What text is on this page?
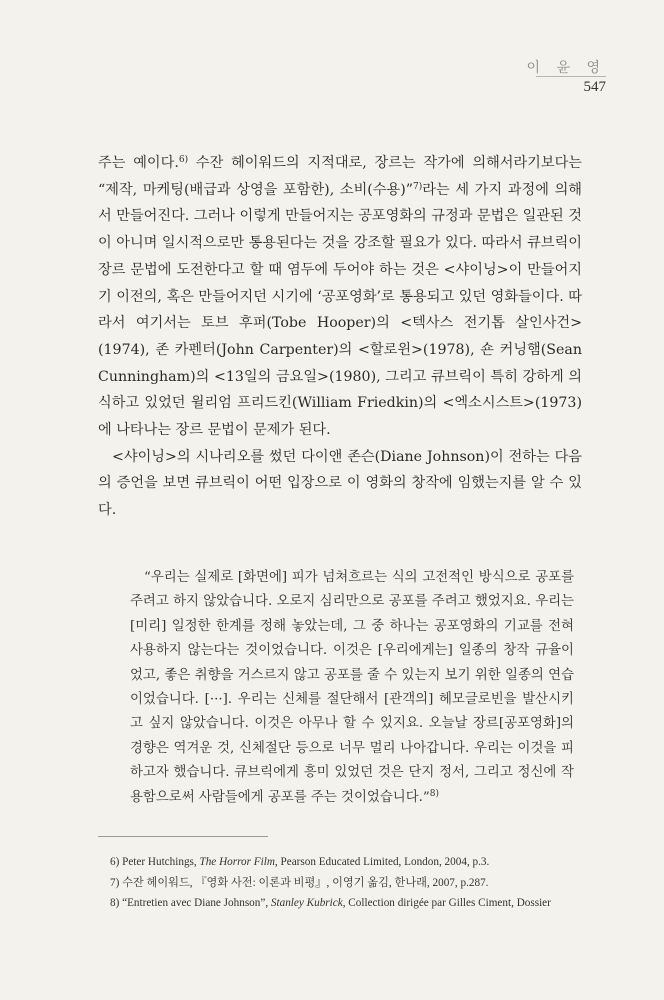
이 윤 영
547

주는 예이다.$^{6)}$ 수잔 헤이워드의 지적대로, 장르는 작가에 의해서라기보다는 “제작, 마케팅(배급과 상영을 포함한), 소비(수용)”$^{7)}$라는 세 가지 과정에 의해서 만들어진다. 그러나 이렇게 만들어지는 공포영화의 규정과 문법은 일관된 것이 아니며 일시적으로만 통용된다는 것을 강조할 필요가 있다. 따라서 큐브릭이 장르 문법에 도전한다고 할 때 염두에 두어야 하는 것은 <샤이닝>이 만들어지기 이전의, 혹은 만들어지던 시기에 ‘공포영화’로 통용되고 있던 영화들이다. 따라서 여기서는 토브 후퍼(Tobe Hooper)의 <텍사스 전기톱 살인사건>(1974), 존 카펜터(John Carpenter)의 <할로윈>(1978), 숀 커닝햄(Sean Cunningham)의 <13일의 금요일>(1980), 그리고 큐브릭이 특히 강하게 의식하고 있었던 윌리엄 프리드킨(William Friedkin)의 <엑소시스트>(1973)에 나타나는 장르 문법이 문제가 된다.

<샤이닝>의 시나리오를 썼던 다이앤 존슨(Diane Johnson)이 전하는 다음의 증언을 보면 큐브릭이 어떤 입장으로 이 영화의 창작에 임했는지를 알 수 있다.

“우리는 실제로 [화면에] 피가 넘쳐흐르는 식의 고전적인 방식으로 공포를 주려고 하지 않았습니다. 오로지 심리만으로 공포를 주려고 했었지요. 우리는 [미리] 일정한 한계를 정해 놓았는데, 그 중 하나는 공포영화의 기교를 전혀 사용하지 않는다는 것이었습니다. 이것은 [우리에게는] 일종의 창작 규율이었고, 좋은 취향을 거스르지 않고 공포를 줄 수 있는지 보기 위한 일종의 연습이었습니다. [···]. 우리는 신체를 절단해서 [관객의] 헤모글로빈을 발산시키고 싶지 않았습니다. 이것은 아무나 할 수 있지요. 오늘날 장르[공포영화]의 경향은 역겨운 것, 신체절단 등으로 너무 멀리 나아갑니다. 우리는 이것을 피하고자 했습니다. 큐브릭에게 흥미 있었던 것은 단지 정서, 그리고 정신에 작용함으로써 사람들에게 공포를 주는 것이었습니다.”$^{8)}$

6) Peter Hutchings, The Horror Film, Pearson Educated Limited, London, 2004, p.3.
7) 수잔 헤이워드, 『영화 사전: 이론과 비평』, 이영기 옮김, 한나래, 2007, p.287.
8) “Entretien avec Diane Johnson”, Stanley Kubrick, Collection dirigée par Gilles Ciment, Dossier
